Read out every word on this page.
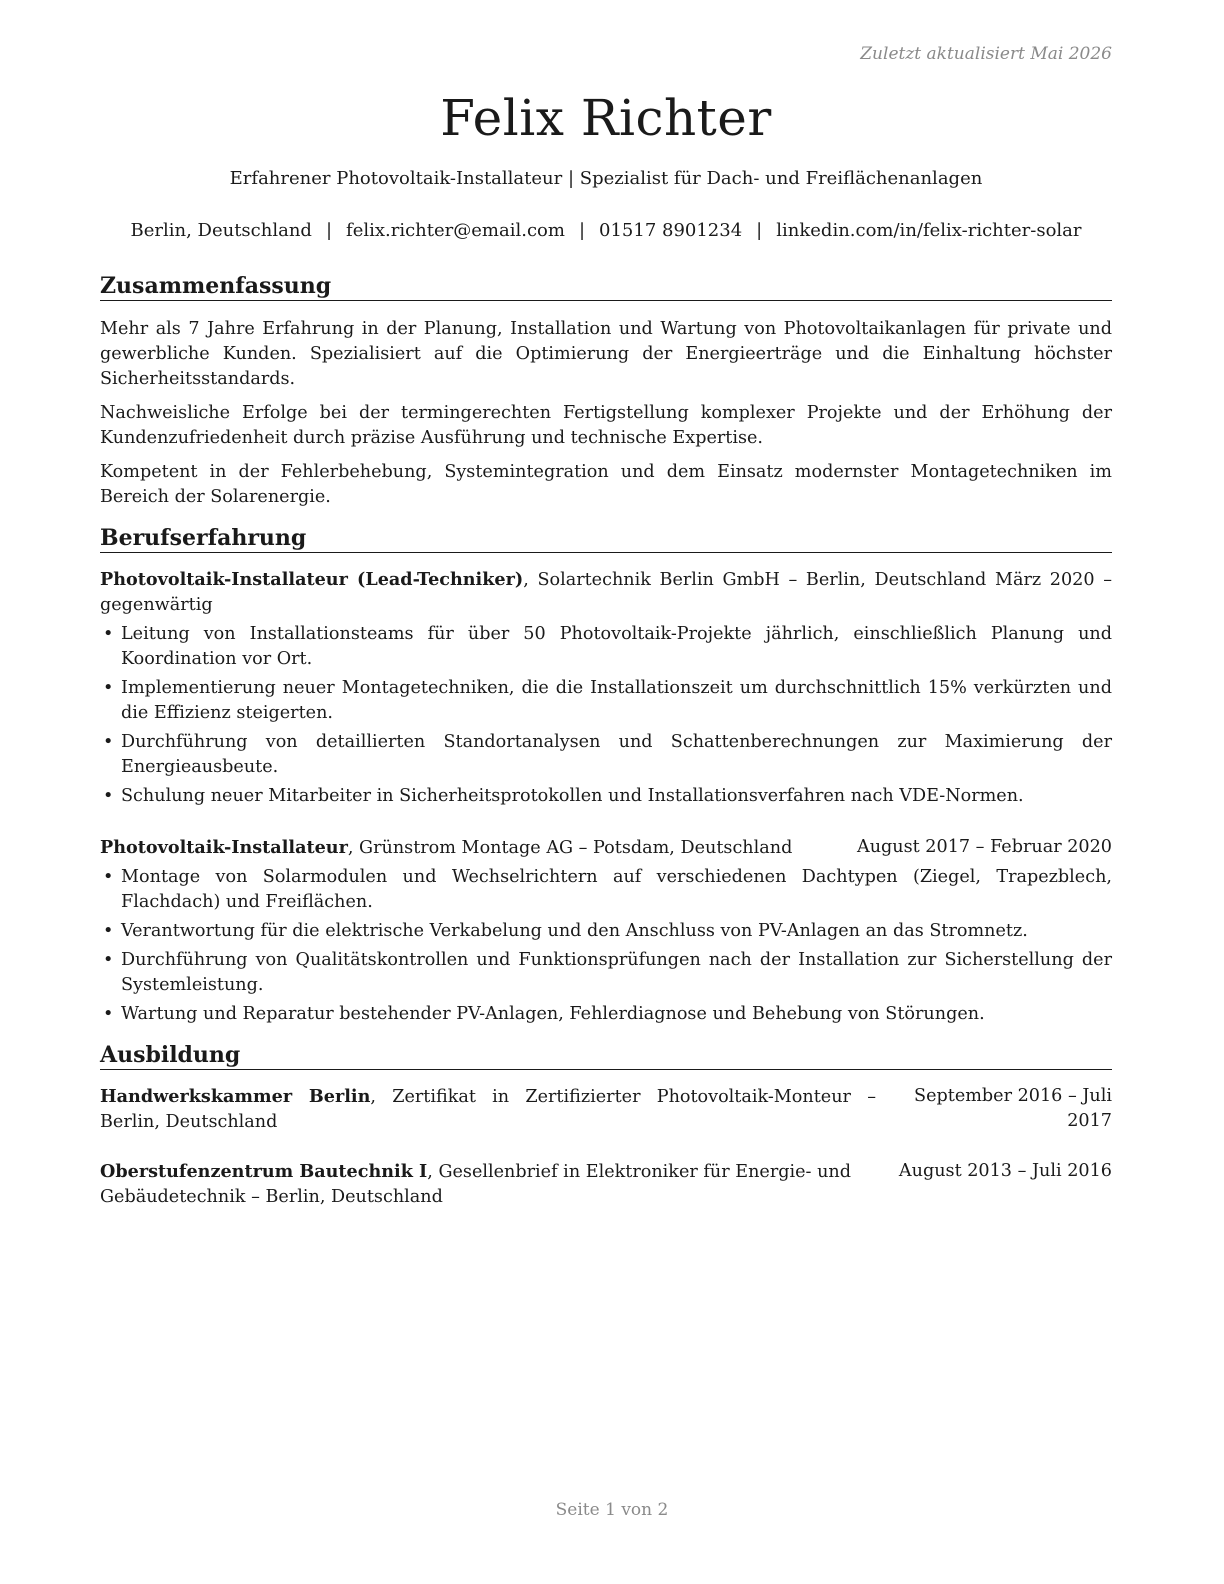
Zuletzt aktualisiert Mai 2026
Felix Richter
Erfahrener Photovoltaik-Installateur | Spezialist für Dach- und Freiflächenanlagen
Berlin, Deutschland | felix.richter@email.com | 01517 8901234 | linkedin.com/in/felix-richter-solar
Zusammenfassung

Mehr als 7 Jahre Erfahrung in der Planung, Installation und Wartung von Photovoltaikanlagen für private und gewerbliche Kunden. Spezialisiert auf die Optimierung der Energieerträge und die Einhaltung höchster Sicherheitsstandards.

Nachweisliche Erfolge bei der termingerechten Fertigstellung komplexer Projekte und der Erhöhung der Kundenzufriedenheit durch präzise Ausführung und technische Expertise.

Kompetent in der Fehlerbehebung, Systemintegration und dem Einsatz modernster Montagetechniken im Bereich der Solarenergie.

Berufserfahrung
Photovoltaik-Installateur (Lead-Techniker), Solartechnik Berlin GmbH – Berlin, Deutschland März 2020 – gegenwärtig
• Leitung von Installationsteams für über 50 Photovoltaik-Projekte jährlich, einschließlich Planung und Koordination vor Ort.
• Implementierung neuer Montagetechniken, die die Installationszeit um durchschnittlich 15% verkürzten und die Effizienz steigerten.
• Durchführung von detaillierten Standortanalysen und Schattenberechnungen zur Maximierung der Energieausbeute.
• Schulung neuer Mitarbeiter in Sicherheitsprotokollen und Installationsverfahren nach VDE-Normen.
Photovoltaik-Installateur, Grünstrom Montage AG – Potsdam, Deutschland	August 2017 – Februar 2020
• Montage von Solarmodulen und Wechselrichtern auf verschiedenen Dachtypen (Ziegel, Trapezblech, Flachdach) und Freiflächen.
• Verantwortung für die elektrische Verkabelung und den Anschluss von PV-Anlagen an das Stromnetz.
• Durchführung von Qualitätskontrollen und Funktionsprüfungen nach der Installation zur Sicherstellung der Systemleistung.
• Wartung und Reparatur bestehender PV-Anlagen, Fehlerdiagnose und Behebung von Störungen.
Ausbildung
Handwerkskammer Berlin, Zertifikat in Zertifizierter Photovoltaik-Monteur – Berlin, Deutschland
September 2016 – Juli 2017
Oberstufenzentrum Bautechnik I, Gesellenbrief in Elektroniker für Energie- und Gebäudetechnik – Berlin, Deutschland
August 2013 – Juli 2016
Seite 1 von 2
